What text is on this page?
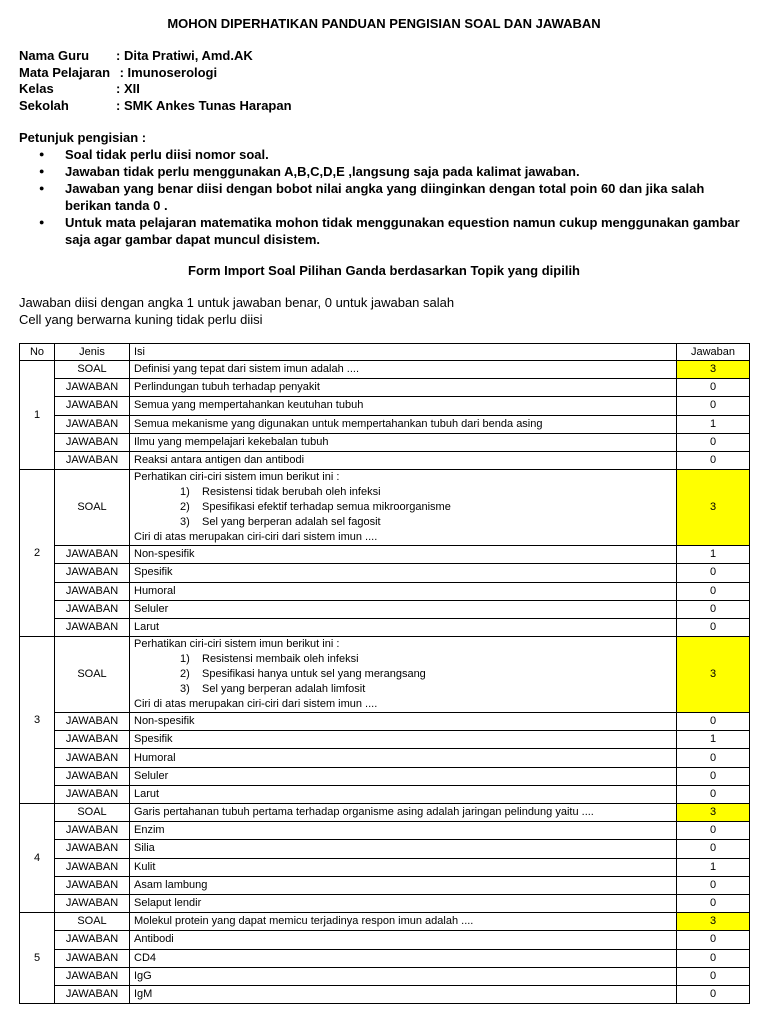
MOHON DIPERHATIKAN PANDUAN PENGISIAN SOAL DAN JAWABAN
Nama Guru : Dita Pratiwi, Amd.AK
Mata Pelajaran : Imunoserologi
Kelas	: XII
Sekolah	: SMK Ankes Tunas Harapan
Petunjuk pengisian :
● Soal tidak perlu diisi nomor soal.
● Jawaban tidak perlu menggunakan A,B,C,D,E ,langsung saja pada kalimat jawaban.
● Jawaban yang benar diisi dengan bobot nilai angka yang diinginkan dengan total poin 60 dan jika salah berikan tanda 0 .
● Untuk mata pelajaran matematika mohon tidak menggunakan equestion namun cukup menggunakan gambar saja agar gambar dapat muncul disistem.
Form Import Soal Pilihan Ganda berdasarkan Topik yang dipilih
Jawaban diisi dengan angka 1 untuk jawaban benar, 0 untuk jawaban salah
Cell yang berwarna kuning tidak perlu diisi
No	Jenis	Isi	Jawaban
1	SOAL	Definisi yang tepat dari sistem imun adalah ....	3
	JAWABAN	Perlindungan tubuh terhadap penyakit	0
	JAWABAN	Semua yang mempertahankan keutuhan tubuh	0
	JAWABAN	Semua mekanisme yang digunakan untuk mempertahankan tubuh dari benda asing	1
	JAWABAN	Ilmu yang mempelajari kekebalan tubuh	0
	JAWABAN	Reaksi antara antigen dan antibodi	0
2	SOAL	Perhatikan ciri-ciri sistem imun berikut ini :
1) Resistensi tidak berubah oleh infeksi
2) Spesifikasi efektif terhadap semua mikroorganisme
3) Sel yang berperan adalah sel fagosit
Ciri di atas merupakan ciri-ciri dari sistem imun ....	3
	JAWABAN	Non-spesifik	1
	JAWABAN	Spesifik	0
	JAWABAN	Humoral	0
	JAWABAN	Seluler	0
	JAWABAN	Larut	0
3	SOAL	Perhatikan ciri-ciri sistem imun berikut ini :
1) Resistensi membaik oleh infeksi
2) Spesifikasi hanya untuk sel yang merangsang
3) Sel yang berperan adalah limfosit
Ciri di atas merupakan ciri-ciri dari sistem imun ....	3
	JAWABAN	Non-spesifik	0
	JAWABAN	Spesifik	1
	JAWABAN	Humoral	0
	JAWABAN	Seluler	0
	JAWABAN	Larut	0
4	SOAL	Garis pertahanan tubuh pertama terhadap organisme asing adalah jaringan pelindung yaitu ....	3
	JAWABAN	Enzim	0
	JAWABAN	Silia	0
	JAWABAN	Kulit	1
	JAWABAN	Asam lambung	0
	JAWABAN	Selaput lendir	0
5	SOAL	Molekul protein yang dapat memicu terjadinya respon imun adalah ....	3
	JAWABAN	Antibodi	0
	JAWABAN	CD4	0
	JAWABAN	IgG	0
	JAWABAN	IgM	0
